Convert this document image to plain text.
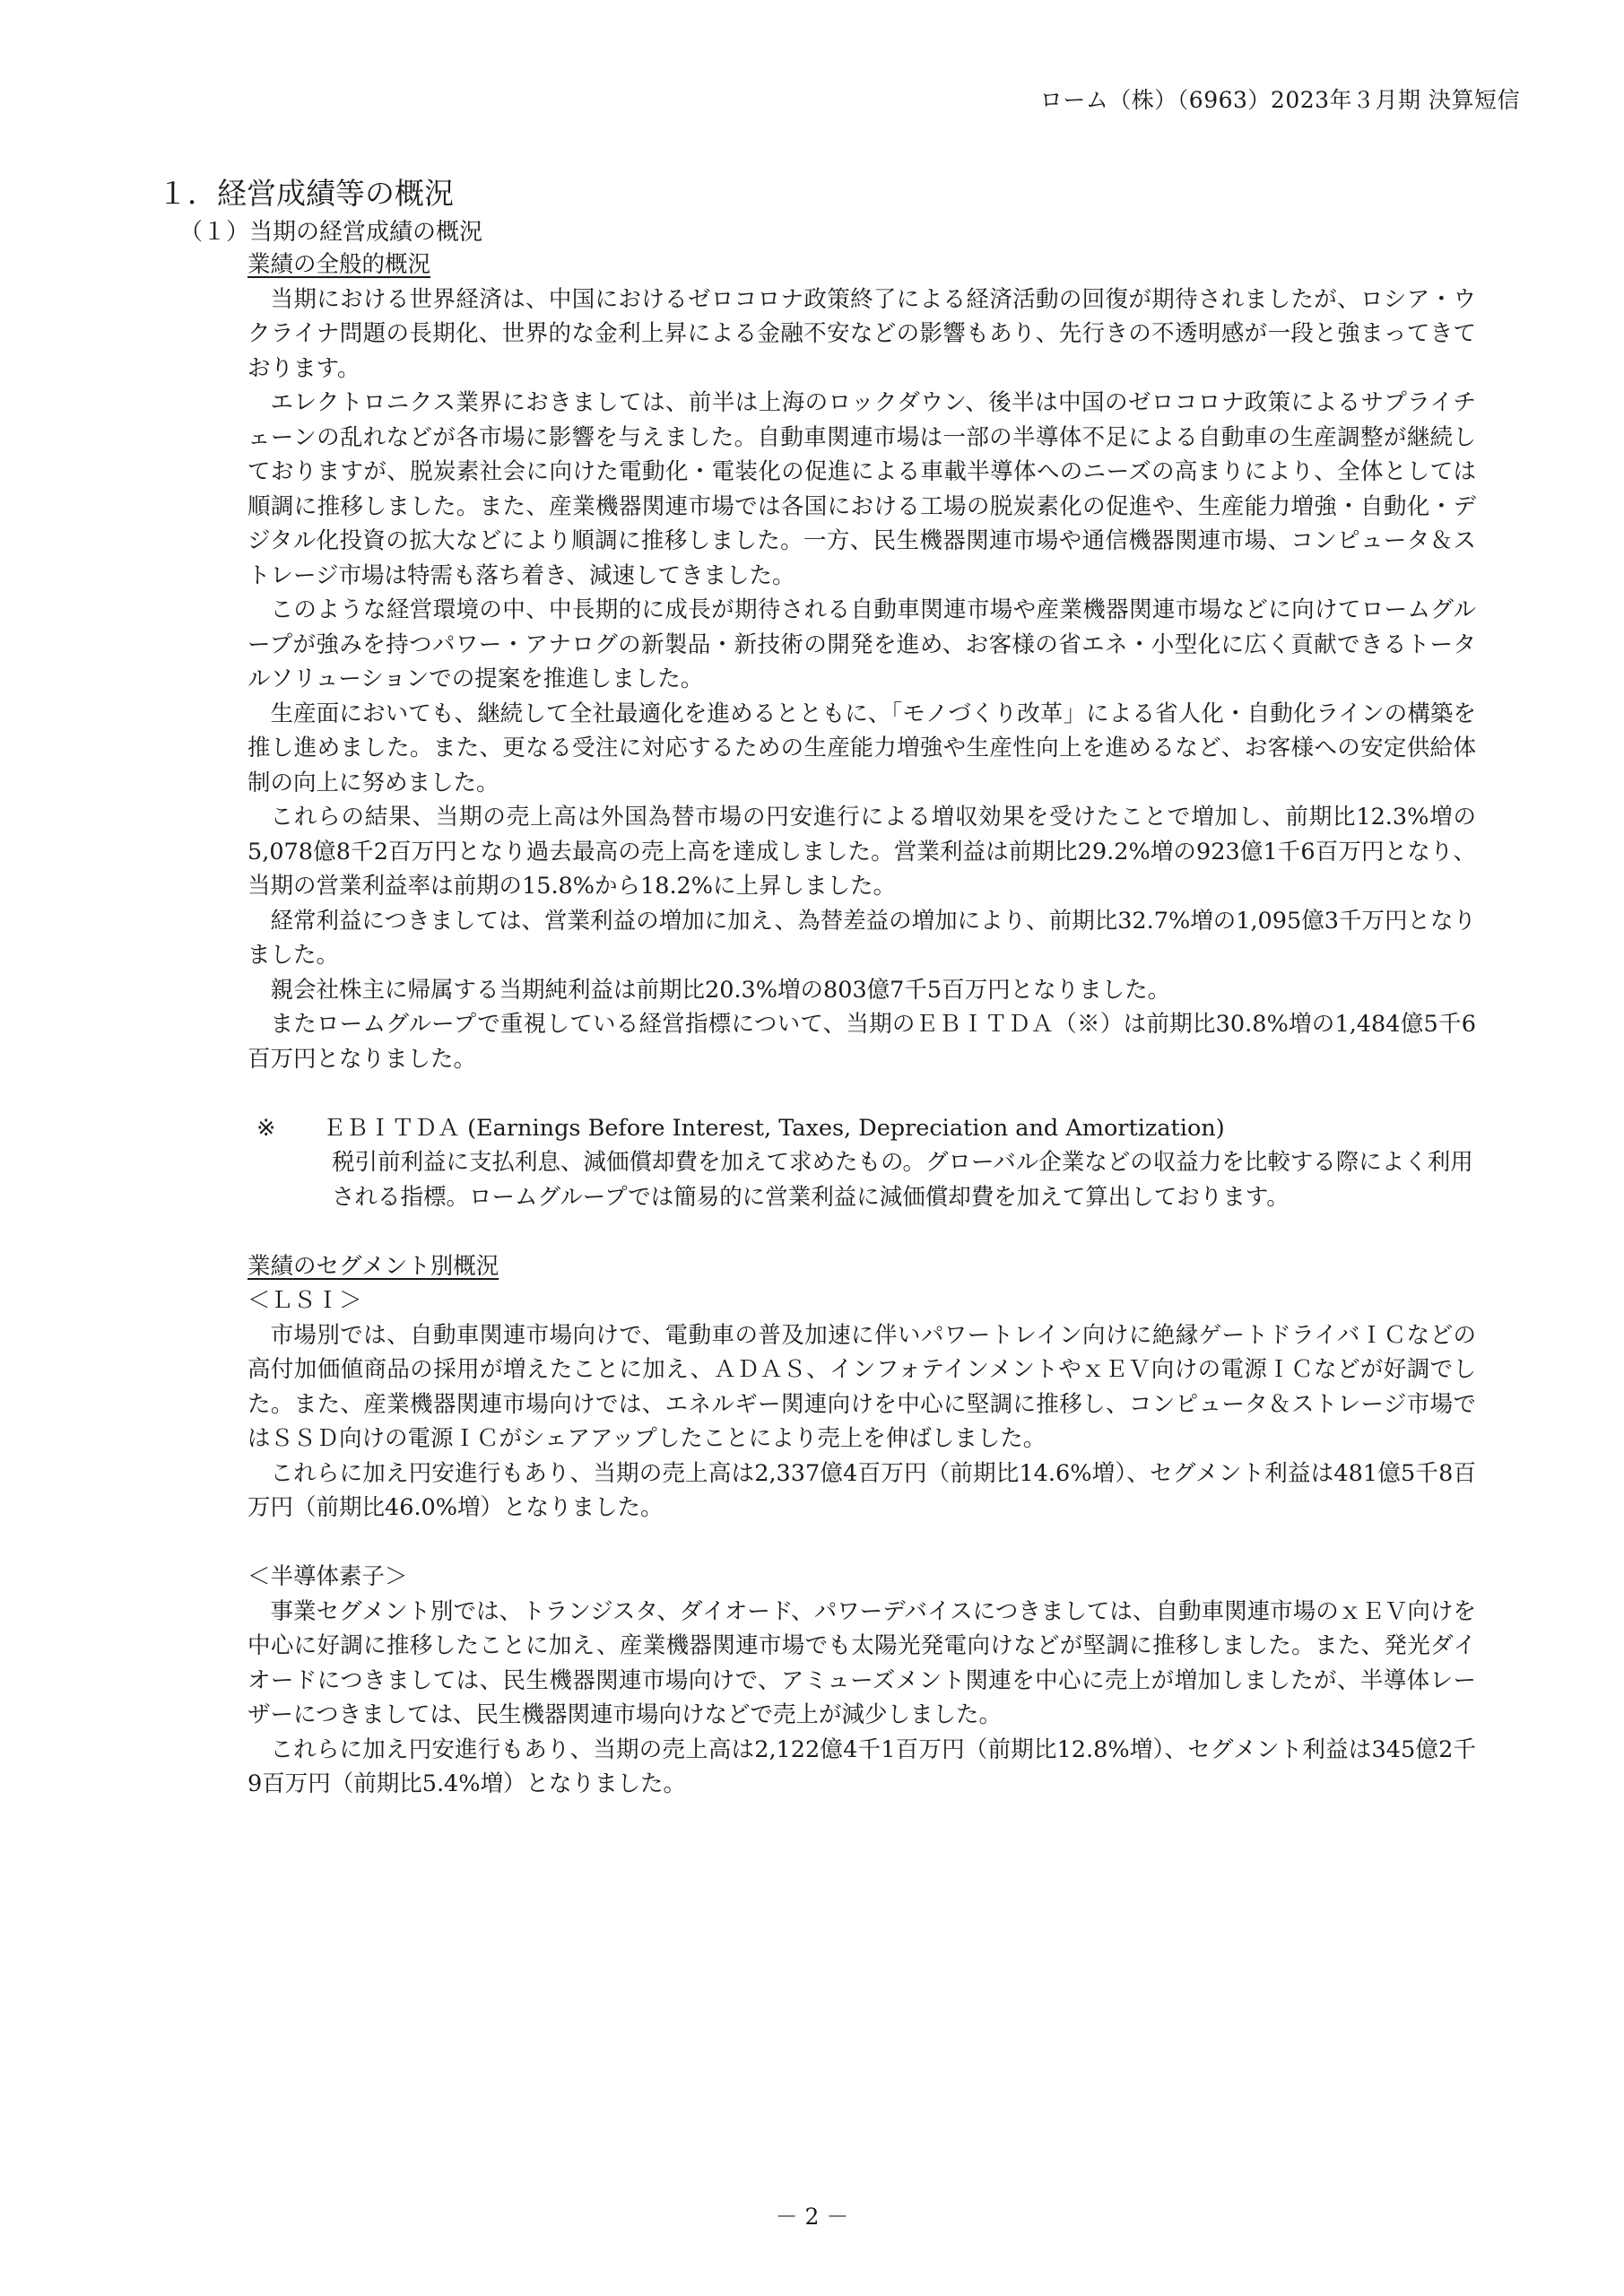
ローム（株）（6963）2023年３月期 決算短信
１．経営成績等の概況
（１）当期の経営成績の概況
業績の全般的概況

当期における世界経済は、中国におけるゼロコロナ政策終了による経済活動の回復が期待されましたが、ロシア・ウクライナ問題の長期化、世界的な金利上昇による金融不安などの影響もあり、先行きの不透明感が一段と強まってきております。

エレクトロニクス業界におきましては、前半は上海のロックダウン、後半は中国のゼロコロナ政策によるサプライチェーンの乱れなどが各市場に影響を与えました。自動車関連市場は一部の半導体不足による自動車の生産調整が継続しておりますが、脱炭素社会に向けた電動化・電装化の促進による車載半導体へのニーズの高まりにより、全体としては順調に推移しました。また、産業機器関連市場では各国における工場の脱炭素化の促進や、生産能力増強・自動化・デジタル化投資の拡大などにより順調に推移しました。一方、民生機器関連市場や通信機器関連市場、コンピュータ＆ストレージ市場は特需も落ち着き、減速してきました。

このような経営環境の中、中長期的に成長が期待される自動車関連市場や産業機器関連市場などに向けてロームグループが強みを持つパワー・アナログの新製品・新技術の開発を進め、お客様の省エネ・小型化に広く貢献できるトータルソリューションでの提案を推進しました。

生産面においても、継続して全社最適化を進めるとともに、「モノづくり改革」による省人化・自動化ラインの構築を推し進めました。また、更なる受注に対応するための生産能力増強や生産性向上を進めるなど、お客様への安定供給体制の向上に努めました。

これらの結果、当期の売上高は外国為替市場の円安進行による増収効果を受けたことで増加し、前期比12.3%増の5,078億8千2百万円となり過去最高の売上高を達成しました。営業利益は前期比29.2%増の923億1千6百万円となり、当期の営業利益率は前期の15.8%から18.2%に上昇しました。

経常利益につきましては、営業利益の増加に加え、為替差益の増加により、前期比32.7%増の1,095億3千万円となりました。

親会社株主に帰属する当期純利益は前期比20.3%増の803億7千5百万円となりました。

またロームグループで重視している経営指標について、当期のＥＢＩＴＤＡ（※）は前期比30.8%増の1,484億5千6百万円となりました。

※	ＥＢＩＴＤＡ (Earnings Before Interest, Taxes, Depreciation and Amortization)
税引前利益に支払利息、減価償却費を加えて求めたもの。グローバル企業などの収益力を比較する際によく利用される指標。ロームグループでは簡易的に営業利益に減価償却費を加えて算出しております。
業績のセグメント別概況
＜ＬＳＩ＞

市場別では、自動車関連市場向けで、電動車の普及加速に伴いパワートレイン向けに絶縁ゲートドライバＩＣなどの高付加価値商品の採用が増えたことに加え、ＡＤＡＳ、インフォテインメントやｘＥＶ向けの電源ＩＣなどが好調でした。また、産業機器関連市場向けでは、エネルギー関連向けを中心に堅調に推移し、コンピュータ＆ストレージ市場ではＳＳＤ向けの電源ＩＣがシェアアップしたことにより売上を伸ばしました。

これらに加え円安進行もあり、当期の売上高は2,337億4百万円（前期比14.6%増）、セグメント利益は481億5千8百万円（前期比46.0%増）となりました。

＜半導体素子＞

事業セグメント別では、トランジスタ、ダイオード、パワーデバイスにつきましては、自動車関連市場のｘＥＶ向けを中心に好調に推移したことに加え、産業機器関連市場でも太陽光発電向けなどが堅調に推移しました。また、発光ダイオードにつきましては、民生機器関連市場向けで、アミューズメント関連を中心に売上が増加しましたが、半導体レーザーにつきましては、民生機器関連市場向けなどで売上が減少しました。

これらに加え円安進行もあり、当期の売上高は2,122億4千1百万円（前期比12.8%増）、セグメント利益は345億2千9百万円（前期比5.4%増）となりました。

－ 2 －
